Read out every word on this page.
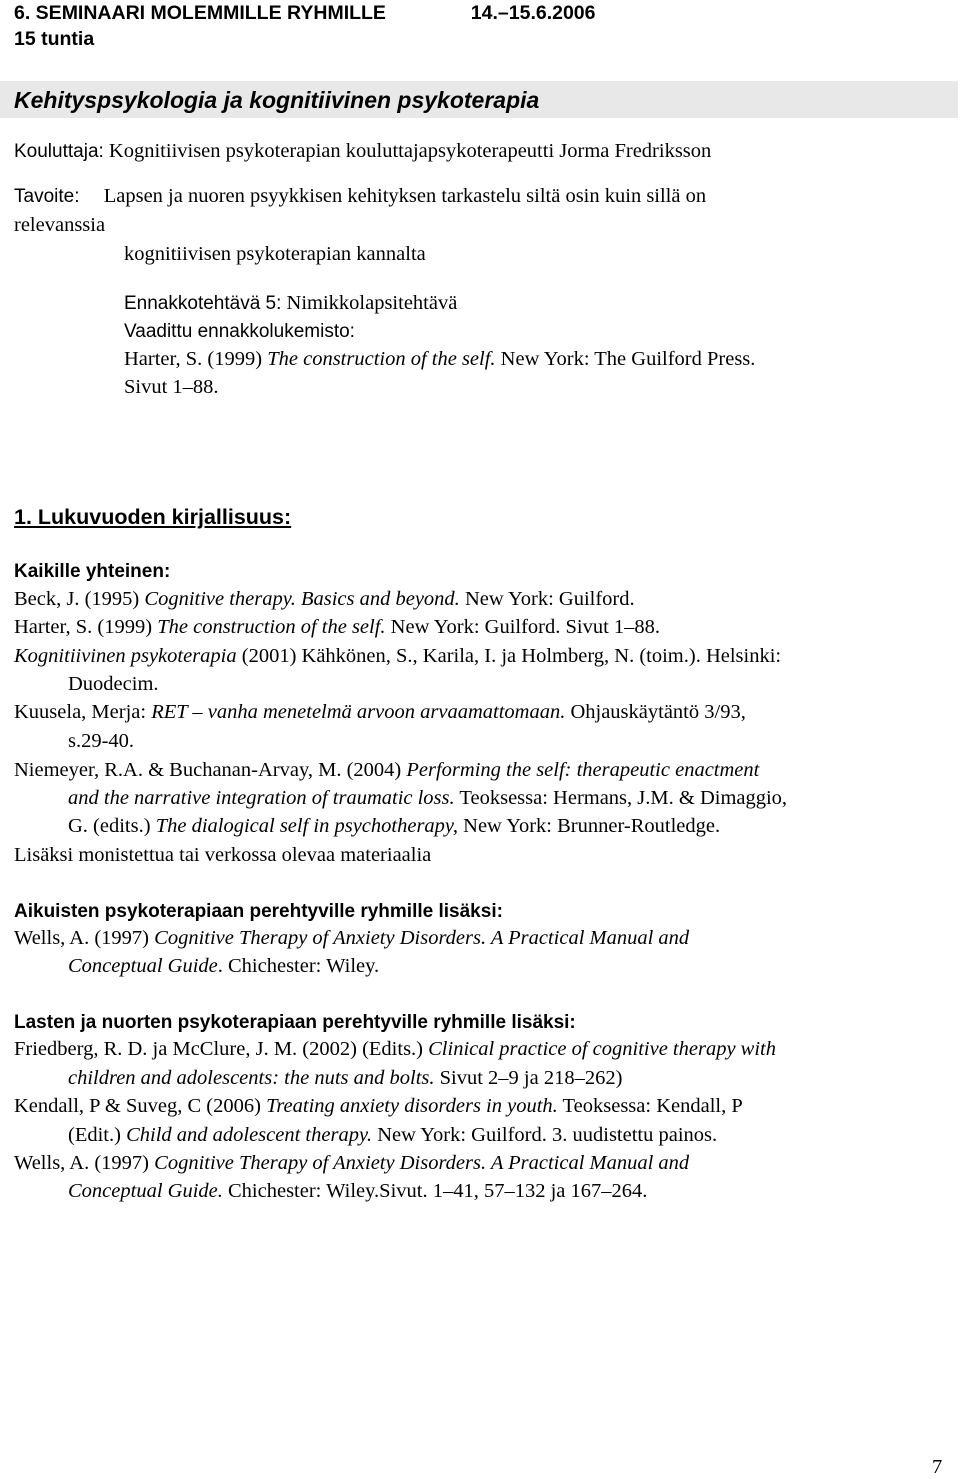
6. SEMINAARI MOLEMMILLE RYHMILLE	14.–15.6.2006
15 tuntia
Kehityspsykologia ja kognitiivinen psykoterapia
Kouluttaja: Kognitiivisen psykoterapian kouluttajapsykoterapeutti Jorma Fredriksson
Tavoite: Lapsen ja nuoren psyykkisen kehityksen tarkastelu siltä osin kuin sillä on
relevanssia
kognitiivisen psykoterapian kannalta
Ennakkotehtävä 5: Nimikkolapsitehtävä
Vaadittu ennakkolukemisto:
Harter, S. (1999) The construction of the self. New York: The Guilford Press.
Sivut 1–88.
1. Lukuvuoden kirjallisuus:
Kaikille yhteinen:
Beck, J. (1995) Cognitive therapy. Basics and beyond. New York: Guilford.
Harter, S. (1999) The construction of the self. New York: Guilford. Sivut 1–88.
Kognitiivinen psykoterapia (2001) Kähkönen, S., Karila, I. ja Holmberg, N. (toim.). Helsinki:
Duodecim.
Kuusela, Merja: RET – vanha menetelmä arvoon arvaamattomaan. Ohjauskäytäntö 3/93,
s.29-40.
Niemeyer, R.A. & Buchanan-Arvay, M. (2004) Performing the self: therapeutic enactment
and the narrative integration of traumatic loss. Teoksessa: Hermans, J.M. & Dimaggio,
G. (edits.) The dialogical self in psychotherapy, New York: Brunner-Routledge.
Lisäksi monistettua tai verkossa olevaa materiaalia
Aikuisten psykoterapiaan perehtyville ryhmille lisäksi:
Wells, A. (1997) Cognitive Therapy of Anxiety Disorders. A Practical Manual and
Conceptual Guide. Chichester: Wiley.
Lasten ja nuorten psykoterapiaan perehtyville ryhmille lisäksi:
Friedberg, R. D. ja McClure, J. M. (2002) (Edits.) Clinical practice of cognitive therapy with
children and adolescents: the nuts and bolts. Sivut 2–9 ja 218–262)
Kendall, P & Suveg, C (2006) Treating anxiety disorders in youth. Teoksessa: Kendall, P
(Edit.) Child and adolescent therapy. New York: Guilford. 3. uudistettu painos.
Wells, A. (1997) Cognitive Therapy of Anxiety Disorders. A Practical Manual and
Conceptual Guide. Chichester: Wiley.Sivut. 1–41, 57–132 ja 167–264.
7
